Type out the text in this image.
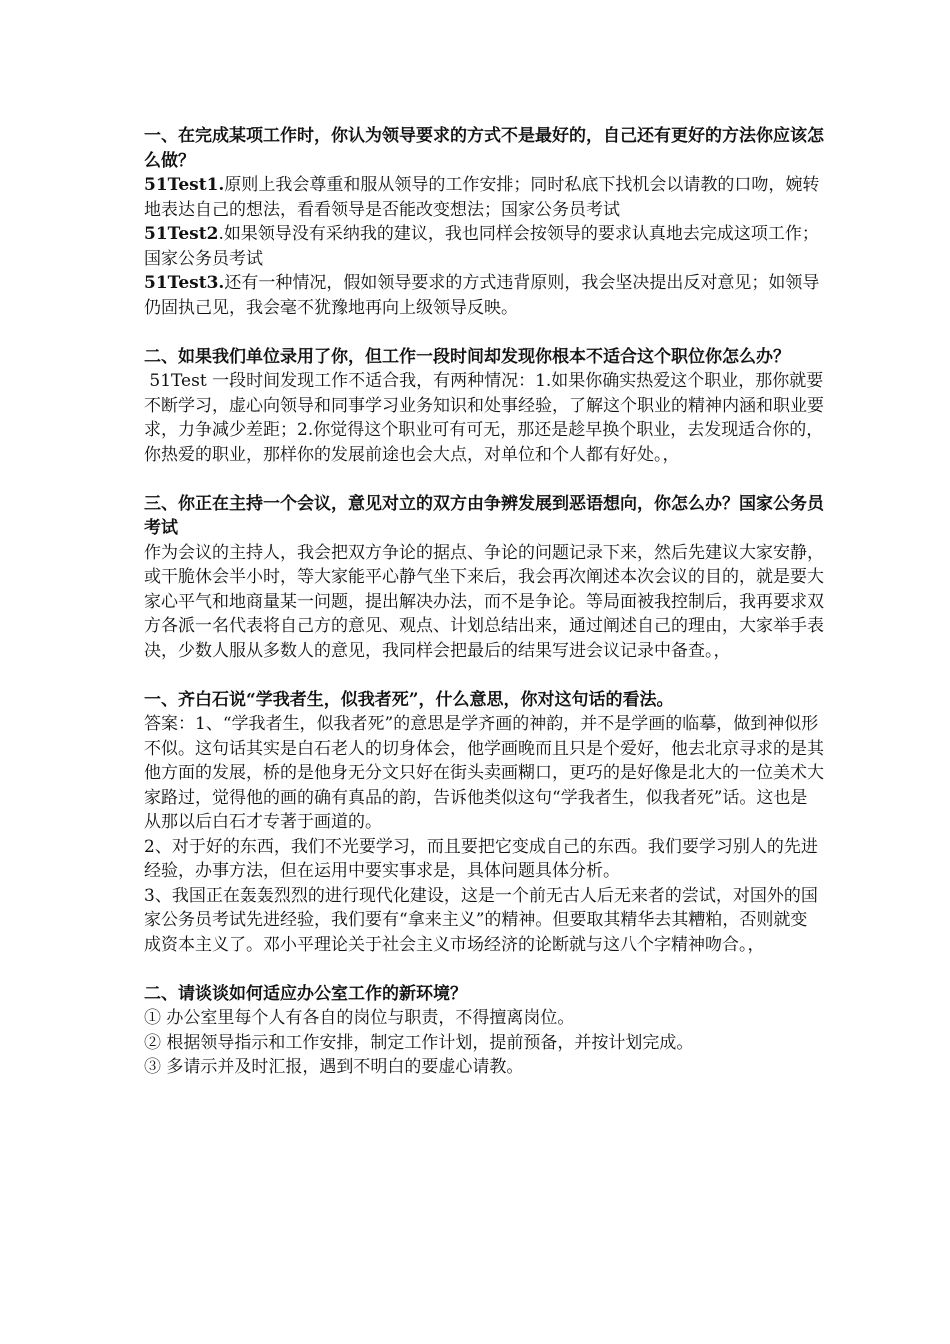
一、在完成某项工作时，你认为领导要求的方式不是最好的，自己还有更好的方法你应该怎么做？

51Test1.原则上我会尊重和服从领导的工作安排；同时私底下找机会以请教的口吻，婉转地表达自己的想法，看看领导是否能改变想法；国家公务员考试

51Test2.如果领导没有采纳我的建议，我也同样会按领导的要求认真地去完成这项工作；国家公务员考试

51Test3.还有一种情况，假如领导要求的方式违背原则，我会坚决提出反对意见；如领导仍固执己见，我会毫不犹豫地再向上级领导反映。

二、如果我们单位录用了你，但工作一段时间却发现你根本不适合这个职位你怎么办？

51Test 一段时间发现工作不适合我，有两种情况：1.如果你确实热爱这个职业，那你就要不断学习，虚心向领导和同事学习业务知识和处事经验，了解这个职业的精神内涵和职业要求，力争减少差距；2.你觉得这个职业可有可无，那还是趁早换个职业，去发现适合你的，你热爱的职业，那样你的发展前途也会大点，对单位和个人都有好处。，

三、你正在主持一个会议，意见对立的双方由争辨发展到恶语想向，你怎么办？国家公务员考试

作为会议的主持人，我会把双方争论的据点、争论的问题记录下来，然后先建议大家安静，或干脆休会半小时，等大家能平心静气坐下来后，我会再次阐述本次会议的目的，就是要大家心平气和地商量某一问题，提出解决办法，而不是争论。等局面被我控制后，我再要求双方各派一名代表将自己方的意见、观点、计划总结出来，通过阐述自己的理由，大家举手表决，少数人服从多数人的意见，我同样会把最后的结果写进会议记录中备查。，

一、齐白石说“学我者生，似我者死”，什么意思，你对这句话的看法。

答案：1、“学我者生，似我者死”的意思是学齐画的神韵，并不是学画的临摹，做到神似形不似。这句话其实是白石老人的切身体会，他学画晚而且只是个爱好，他去北京寻求的是其他方面的发展，桥的是他身无分文只好在街头卖画糊口，更巧的是好像是北大的一位美术大家路过，觉得他的画的确有真品的韵，告诉他类似这句“学我者生，似我者死”话。这也是从那以后白石才专著于画道的。

2、对于好的东西，我们不光要学习，而且要把它变成自己的东西。我们要学习别人的先进经验，办事方法，但在运用中要实事求是，具体问题具体分析。

3、我国正在轰轰烈烈的进行现代化建设，这是一个前无古人后无来者的尝试，对国外的国家公务员考试先进经验，我们要有“拿来主义”的精神。但要取其精华去其糟粕，否则就变成资本主义了。邓小平理论关于社会主义市场经济的论断就与这八个字精神吻合。，

二、请谈谈如何适应办公室工作的新环境？

① 办公室里每个人有各自的岗位与职责，不得擅离岗位。

② 根据领导指示和工作安排，制定工作计划，提前预备，并按计划完成。

③ 多请示并及时汇报，遇到不明白的要虚心请教。
